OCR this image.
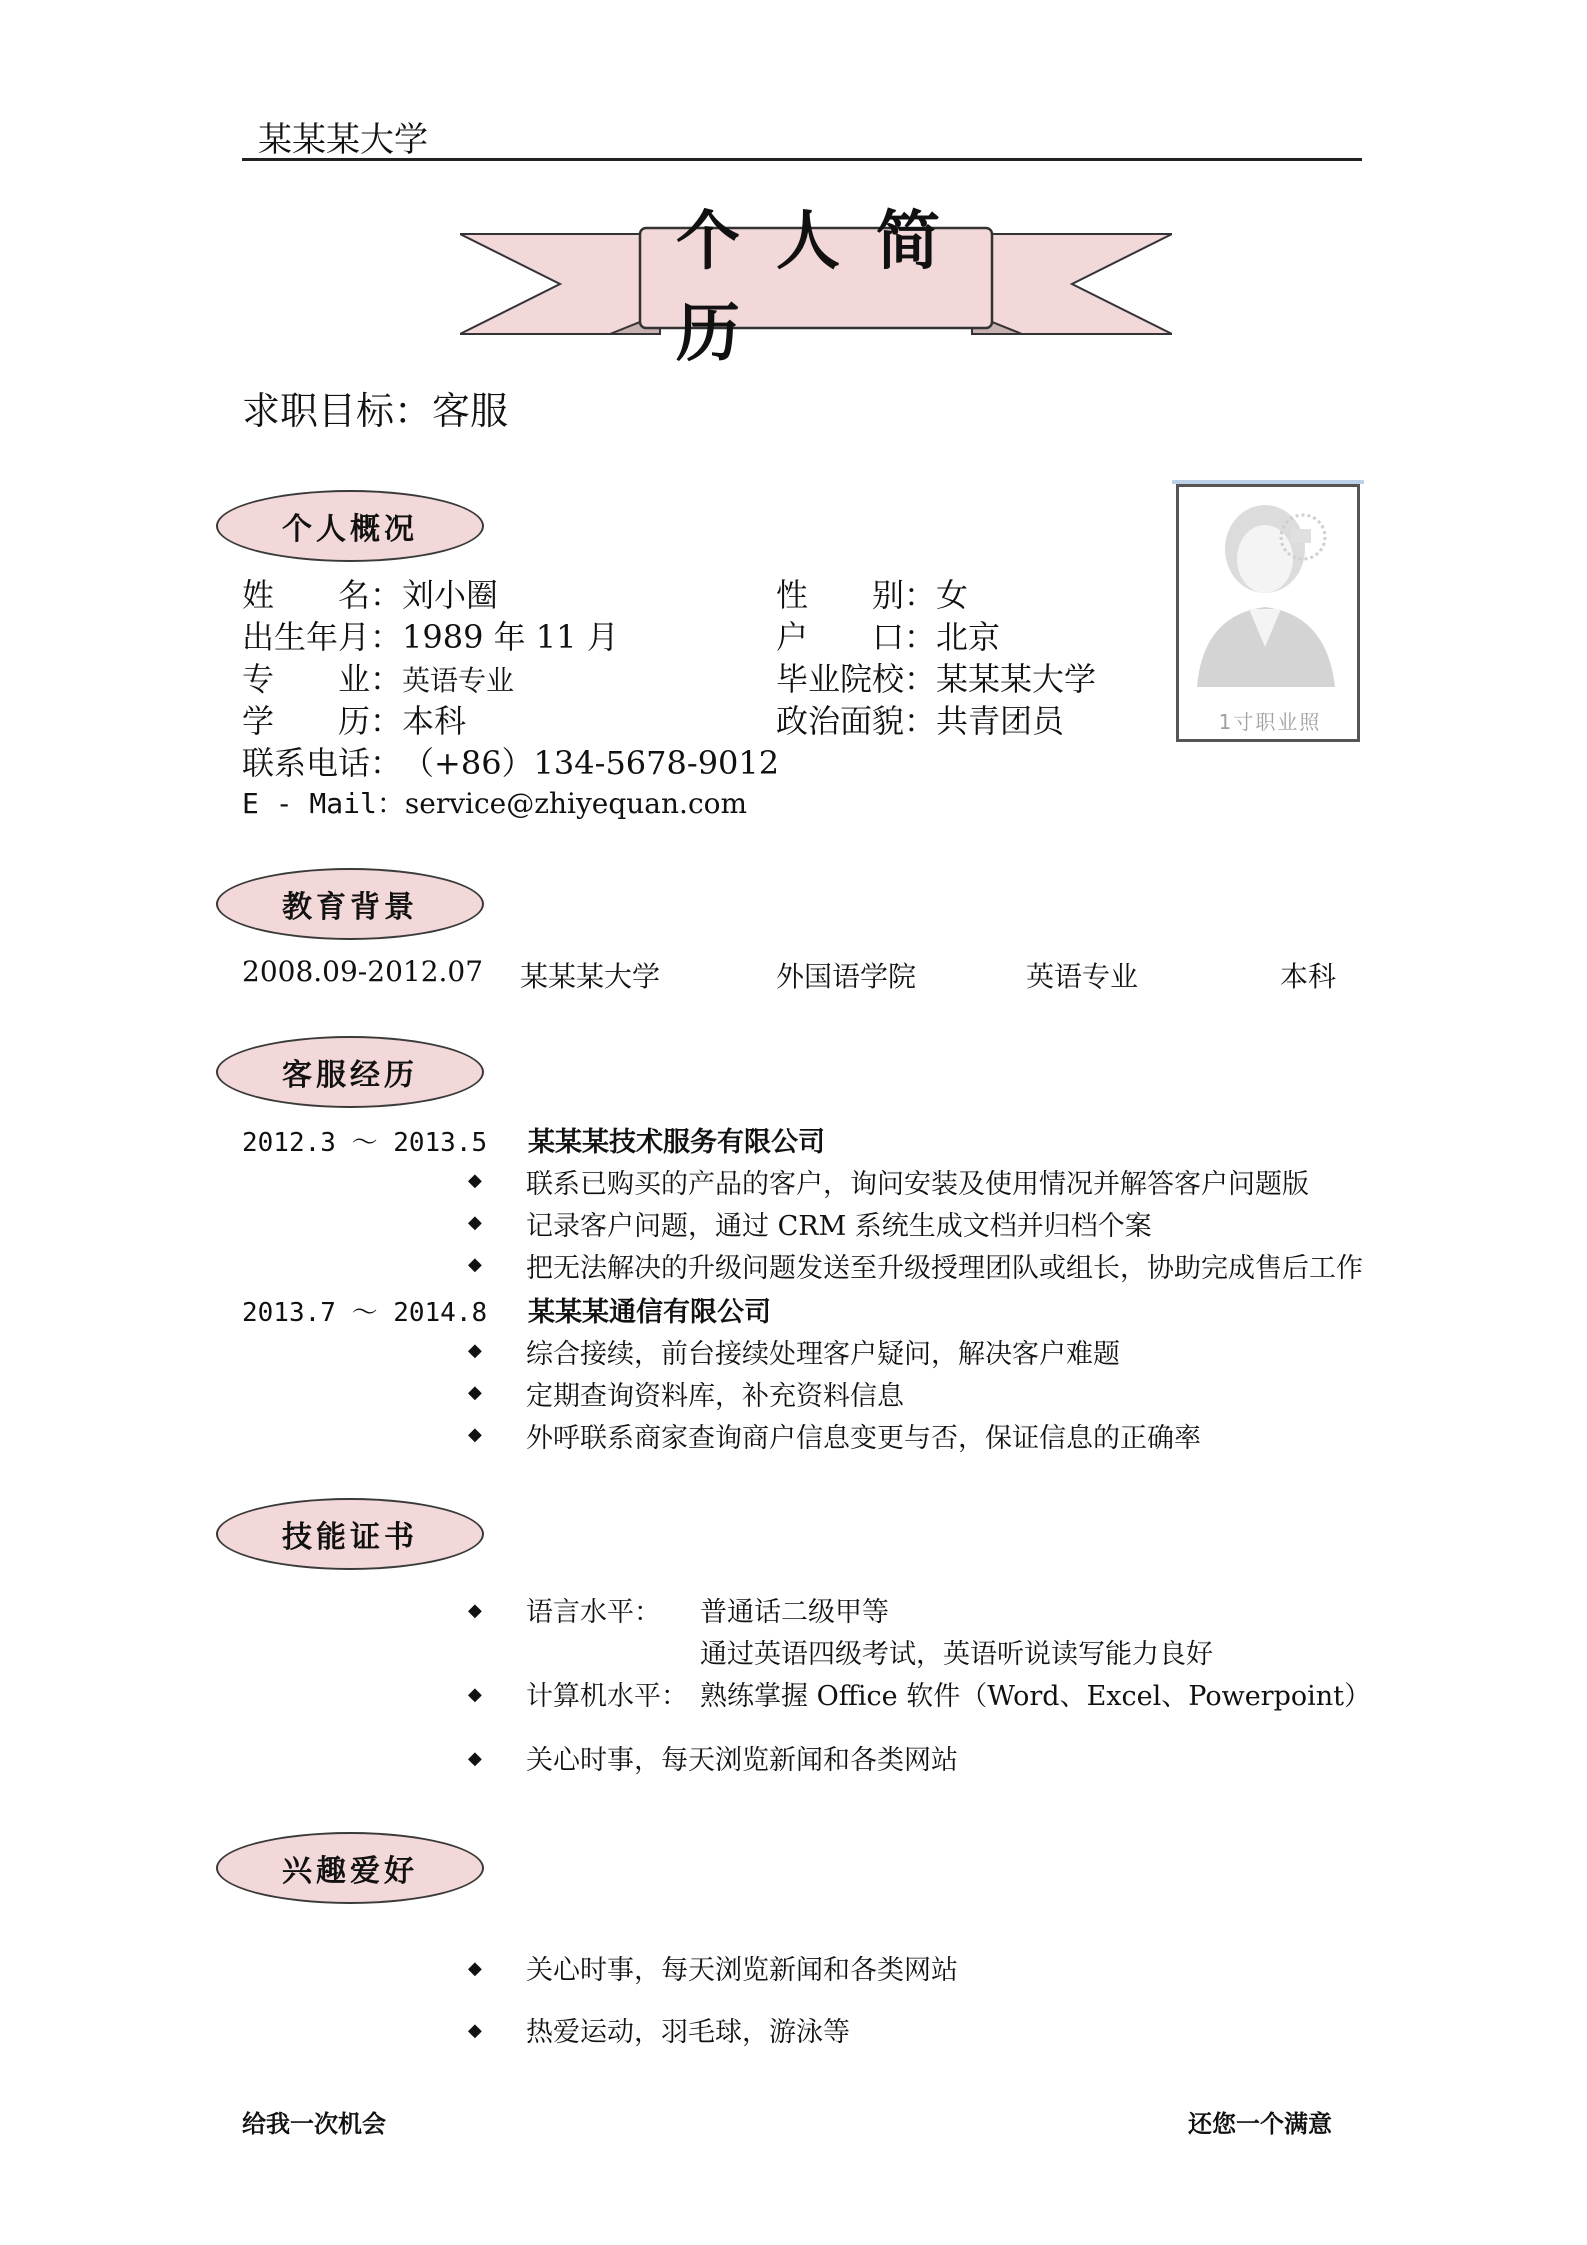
某某某大学
个人简历
求职目标：客服
个人概况
姓　　名：刘小圈	性　　别：女
出生年月：1989 年 11 月	户　　口：北京
专　　业：英语专业	毕业院校：某某某大学
学　　历：本科	政治面貌：共青团员
联系电话：（+86）134-5678-9012
E - Mail：service@zhiyequan.com
1寸职业照
教育背景
2008.09-2012.07 某某某大学	外国语学院	英语专业	本科
客服经历
2012.3 ～ 2013.5 某某某技术服务有限公司
◆ 联系已购买的产品的客户，询问安装及使用情况并解答客户问题版
◆ 记录客户问题，通过 CRM 系统生成文档并归档个案
◆ 把无法解决的升级问题发送至升级授理团队或组长，协助完成售后工作
2013.7 ～ 2014.8 某某某通信有限公司
◆ 综合接续，前台接续处理客户疑问，解决客户难题
◆ 定期查询资料库，补充资料信息
◆ 外呼联系商家查询商户信息变更与否，保证信息的正确率
技能证书
◆ 语言水平： 普通话二级甲等
通过英语四级考试，英语听说读写能力良好
◆ 计算机水平： 熟练掌握 Office 软件（Word、Excel、Powerpoint）
◆ 关心时事，每天浏览新闻和各类网站
兴趣爱好
◆ 关心时事，每天浏览新闻和各类网站
◆ 热爱运动，羽毛球，游泳等
给我一次机会	还您一个满意
